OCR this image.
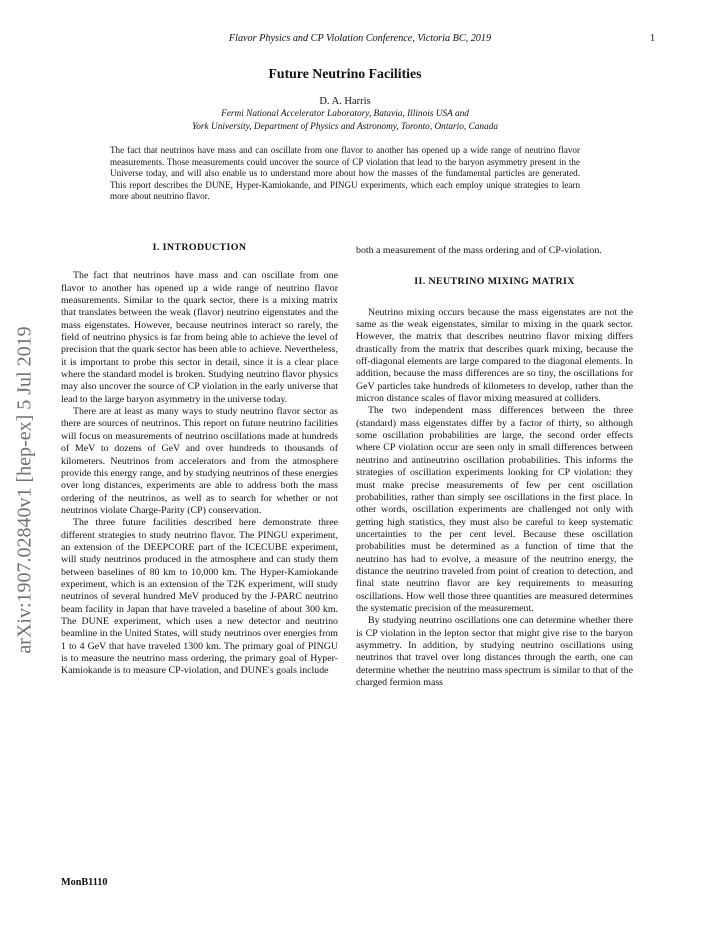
Flavor Physics and CP Violation Conference, Victoria BC, 2019	1
Future Neutrino Facilities
D. A. Harris
Fermi National Accelerator Laboratory, Batavia, Illinois USA and
York University, Department of Physics and Astronomy, Toronto, Ontario, Canada
The fact that neutrinos have mass and can oscillate from one flavor to another has opened up a wide range of neutrino flavor measurements. Those measurements could uncover the source of CP violation that lead to the baryon asymmetry present in the Universe today, and will also enable us to understand more about how the masses of the fundamental particles are generated. This report describes the DUNE, Hyper-Kamiokande, and PINGU experiments, which each employ unique strategies to learn more about neutrino flavor.
arXiv:1907.02840v1 [hep-ex] 5 Jul 2019
I. INTRODUCTION

The fact that neutrinos have mass and can oscillate from one flavor to another has opened up a wide range of neutrino flavor measurements. Similar to the quark sector, there is a mixing matrix that translates between the weak (flavor) neutrino eigenstates and the mass eigenstates. However, because neutrinos interact so rarely, the field of neutrino physics is far from being able to achieve the level of precision that the quark sector has been able to achieve. Nevertheless, it is important to probe this sector in detail, since it is a clear place where the standard model is broken. Studying neutrino flavor physics may also uncover the source of CP violation in the early universe that lead to the large baryon asymmetry in the universe today.

There are at least as many ways to study neutrino flavor sector as there are sources of neutrinos. This report on future neutrino facilities will focus on measurements of neutrino oscillations made at hundreds of MeV to dozens of GeV and over hundreds to thousands of kilometers. Neutrinos from accelerators and from the atmosphere provide this energy range, and by studying neutrinos of these energies over long distances, experiments are able to address both the mass ordering of the neutrinos, as well as to search for whether or not neutrinos violate Charge-Parity (CP) conservation.

The three future facilities described here demonstrate three different strategies to study neutrino flavor. The PINGU experiment, an extension of the DEEPCORE part of the ICECUBE experiment, will study neutrinos produced in the atmosphere and can study them between baselines of 80 km to 10,000 km. The Hyper-Kamiokande experiment, which is an extension of the T2K experiment, will study neutrinos of several hundred MeV produced by the J-PARC neutrino beam facility in Japan that have traveled a baseline of about 300 km. The DUNE experiment, which uses a new detector and neutrino beamline in the United States, will study neutrinos over energies from 1 to 4 GeV that have traveled 1300 km. The primary goal of PINGU is to measure the neutrino mass ordering, the primary goal of Hyper-Kamiokande is to measure CP-violation, and DUNE's goals include

both a measurement of the mass ordering and of CP-violation.

II. NEUTRINO MIXING MATRIX

Neutrino mixing occurs because the mass eigenstates are not the same as the weak eigenstates, similar to mixing in the quark sector. However, the matrix that describes neutrino flavor mixing differs drastically from the matrix that describes quark mixing, because the off-diagonal elements are large compared to the diagonal elements. In addition, because the mass differences are so tiny, the oscillations for GeV particles take hundreds of kilometers to develop, rather than the micron distance scales of flavor mixing measured at colliders.

The two independent mass differences between the three (standard) mass eigenstates differ by a factor of thirty, so although some oscillation probabilities are large, the second order effects where CP violation occur are seen only in small differences between neutrino and antineutrino oscillation probabilities. This informs the strategies of oscillation experiments looking for CP violation: they must make precise measurements of few per cent oscillation probabilities, rather than simply see oscillations in the first place. In other words, oscillation experiments are challenged not only with getting high statistics, they must also be careful to keep systematic uncertainties to the per cent level. Because these oscillation probabilities must be determined as a function of time that the neutrino has had to evolve, a measure of the neutrino energy, the distance the neutrino traveled from point of creation to detection, and final state neutrino flavor are key requirements to measuring oscillations. How well those three quantities are measured determines the systematic precision of the measurement.

By studying neutrino oscillations one can determine whether there is CP violation in the lepton sector that might give rise to the baryon asymmetry. In addition, by studying neutrino oscillations using neutrinos that travel over long distances through the earth, one can determine whether the neutrino mass spectrum is similar to that of the charged fermion mass

MonB1110
